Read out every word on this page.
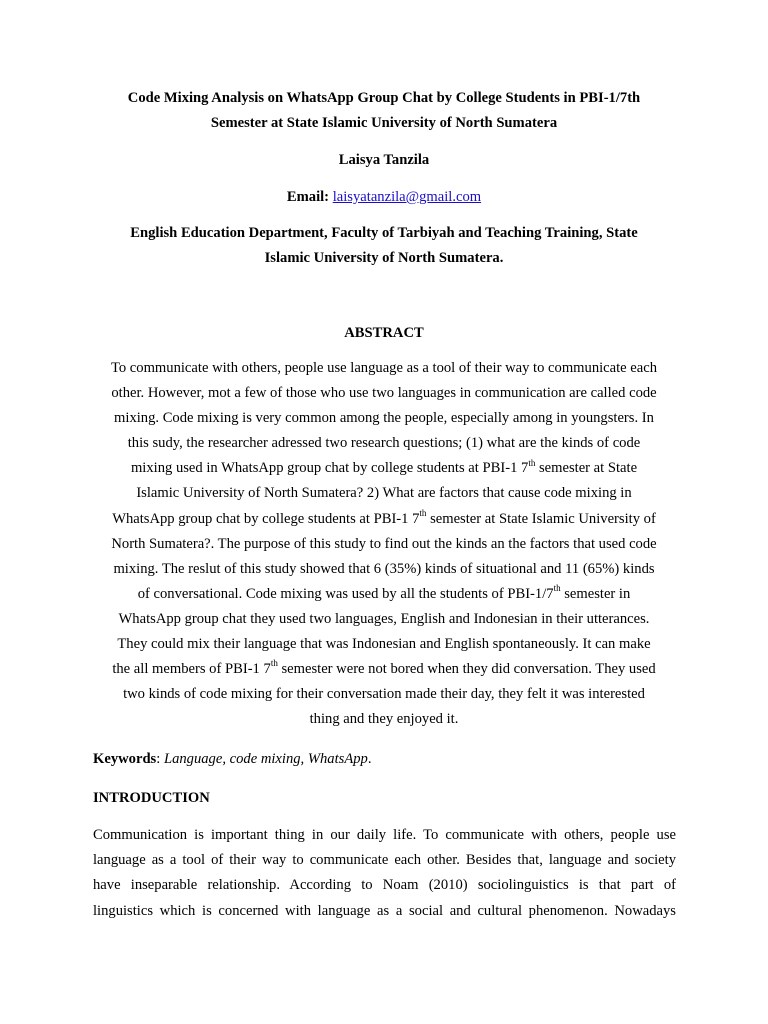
Code Mixing Analysis on WhatsApp Group Chat by College Students in PBI-1/7th
Semester at State Islamic University of North Sumatera
Laisya Tanzila
Email: laisyatanzila@gmail.com
English Education Department, Faculty of Tarbiyah and Teaching Training, State
Islamic University of North Sumatera.
ABSTRACT
To communicate with others, people use language as a tool of their way to communicate each
other. However, mot a few of those who use two languages in communication are called code
mixing. Code mixing is very common among the people, especially among in youngsters. In
this sudy, the researcher adressed two research questions; (1) what are the kinds of code
mixing used in WhatsApp group chat by college students at PBI-1 7th semester at State
Islamic University of North Sumatera? 2) What are factors that cause code mixing in
WhatsApp group chat by college students at PBI-1 7th semester at State Islamic University of
North Sumatera?. The purpose of this study to find out the kinds an the factors that used code
mixing. The reslut of this study showed that 6 (35%) kinds of situational and 11 (65%) kinds
of conversational. Code mixing was used by all the students of PBI-1/7th semester in
WhatsApp group chat they used two languages, English and Indonesian in their utterances.
They could mix their language that was Indonesian and English spontaneously. It can make
the all members of PBI-1 7th semester were not bored when they did conversation. They used
two kinds of code mixing for their conversation made their day, they felt it was interested
thing and they enjoyed it.
Keywords: Language, code mixing, WhatsApp.
INTRODUCTION
Communication is important thing in our daily life. To communicate with others, people use
language as a tool of their way to communicate each other. Besides that, language and society
have inseparable relationship. According to Noam (2010) sociolinguistics is that part of
linguistics which is concerned with language as a social and cultural phenomenon. Nowadays
